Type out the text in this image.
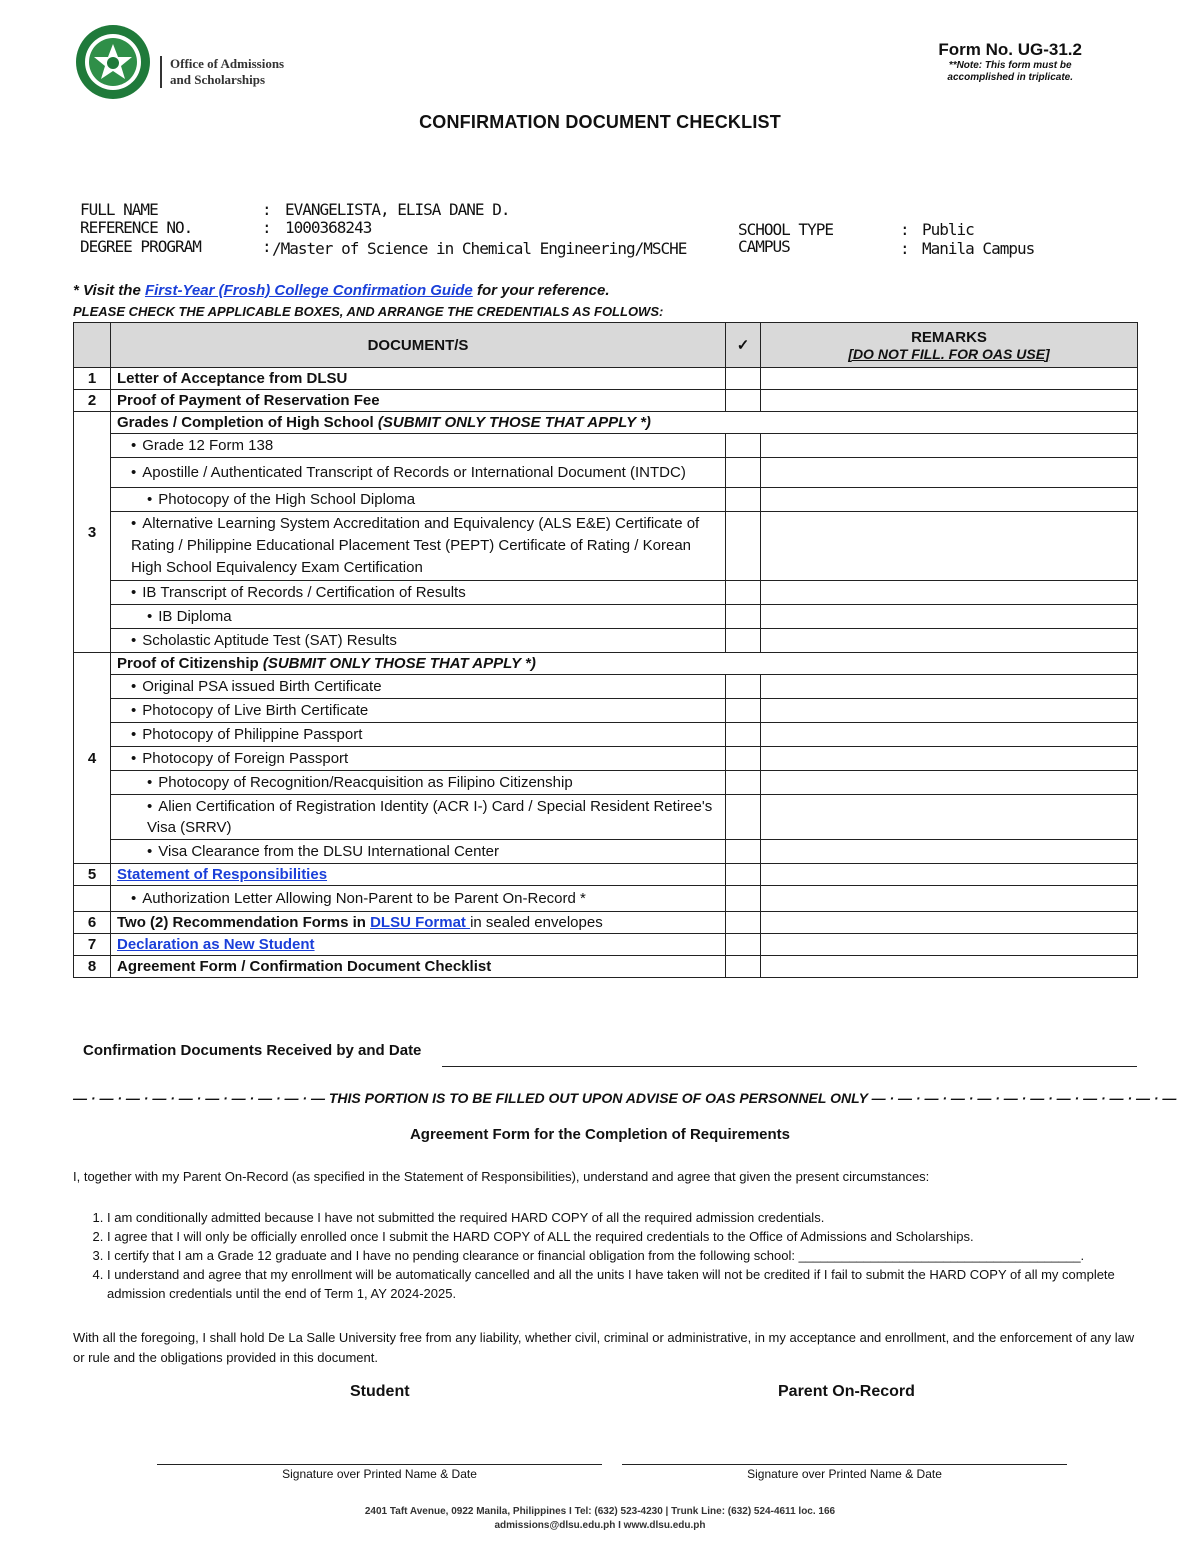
Office of Admissions
and Scholarships
Form No. UG-31.2
**Note: This form must be
accomplished in triplicate.
CONFIRMATION DOCUMENT CHECKLIST
FULL NAME	: EVANGELISTA, ELISA DANE D.
REFERENCE NO.	: 1000368243
DEGREE PROGRAM	: /Master of Science in Chemical Engineering/MSCHE
SCHOOL TYPE	: Public
CAMPUS	: Manila Campus
* Visit the First-Year (Frosh) College Confirmation Guide for your reference.
PLEASE CHECK THE APPLICABLE BOXES, AND ARRANGE THE CREDENTIALS AS FOLLOWS:
	DOCUMENT/S	✓	REMARKS
[DO NOT FILL. FOR OAS USE]

1	Letter of Acceptance from DLSU		
2	Proof of Payment of Reservation Fee		
3	Grades / Completion of High School (SUBMIT ONLY THOSE THAT APPLY *)		
	• Grade 12 Form 138		
	• Apostille / Authenticated Transcript of Records or International Document (INTDC)		
	• Photocopy of the High School Diploma		
	• Alternative Learning System Accreditation and Equivalency (ALS E&E) Certificate of Rating / Philippine Educational Placement Test (PEPT) Certificate of Rating / Korean High School Equivalency Exam Certification		
	• IB Transcript of Records / Certification of Results		
	• IB Diploma		
	• Scholastic Aptitude Test (SAT) Results		
4	Proof of Citizenship (SUBMIT ONLY THOSE THAT APPLY *)		
	• Original PSA issued Birth Certificate		
	• Photocopy of Live Birth Certificate		
	• Photocopy of Philippine Passport		
	• Photocopy of Foreign Passport		
	• Photocopy of Recognition/Reacquisition as Filipino Citizenship		
	• Alien Certification of Registration Identity (ACR I-) Card / Special Resident Retiree's Visa (SRRV)		
	• Visa Clearance from the DLSU International Center		
5	Statement of Responsibilities		
	• Authorization Letter Allowing Non-Parent to be Parent On-Record *		
6	Two (2) Recommendation Forms in DLSU Format in sealed envelopes		
7	Declaration as New Student		
8	Agreement Form / Confirmation Document Checklist		
Confirmation Documents Received by and Date
— · — · — · — · — · — · — · — · — · — THIS PORTION IS TO BE FILLED OUT UPON ADVISE OF OAS PERSONNEL ONLY — · — · — · — · — · — · — · — · — · — · — · —
Agreement Form for the Completion of Requirements
I, together with my Parent On-Record (as specified in the Statement of Responsibilities), understand and agree that given the present circumstances:
1. I am conditionally admitted because I have not submitted the required HARD COPY of all the required admission credentials.
2. I agree that I will only be officially enrolled once I submit the HARD COPY of ALL the required credentials to the Office of Admissions and Scholarships.
3. I certify that I am a Grade 12 graduate and I have no pending clearance or financial obligation from the following school: _______________________________________.
4. I understand and agree that my enrollment will be automatically cancelled and all the units I have taken will not be credited if I fail to submit the HARD COPY of all my complete admission credentials until the end of Term 1, AY 2024-2025.
With all the foregoing, I shall hold De La Salle University free from any liability, whether civil, criminal or administrative, in my acceptance and enrollment, and the enforcement of any law or rule and the obligations provided in this document.
Student	Parent On-Record
Signature over Printed Name & Date	Signature over Printed Name & Date
2401 Taft Avenue, 0922 Manila, Philippines I Tel: (632) 523-4230 | Trunk Line: (632) 524-4611 loc. 166
admissions@dlsu.edu.ph I www.dlsu.edu.ph
